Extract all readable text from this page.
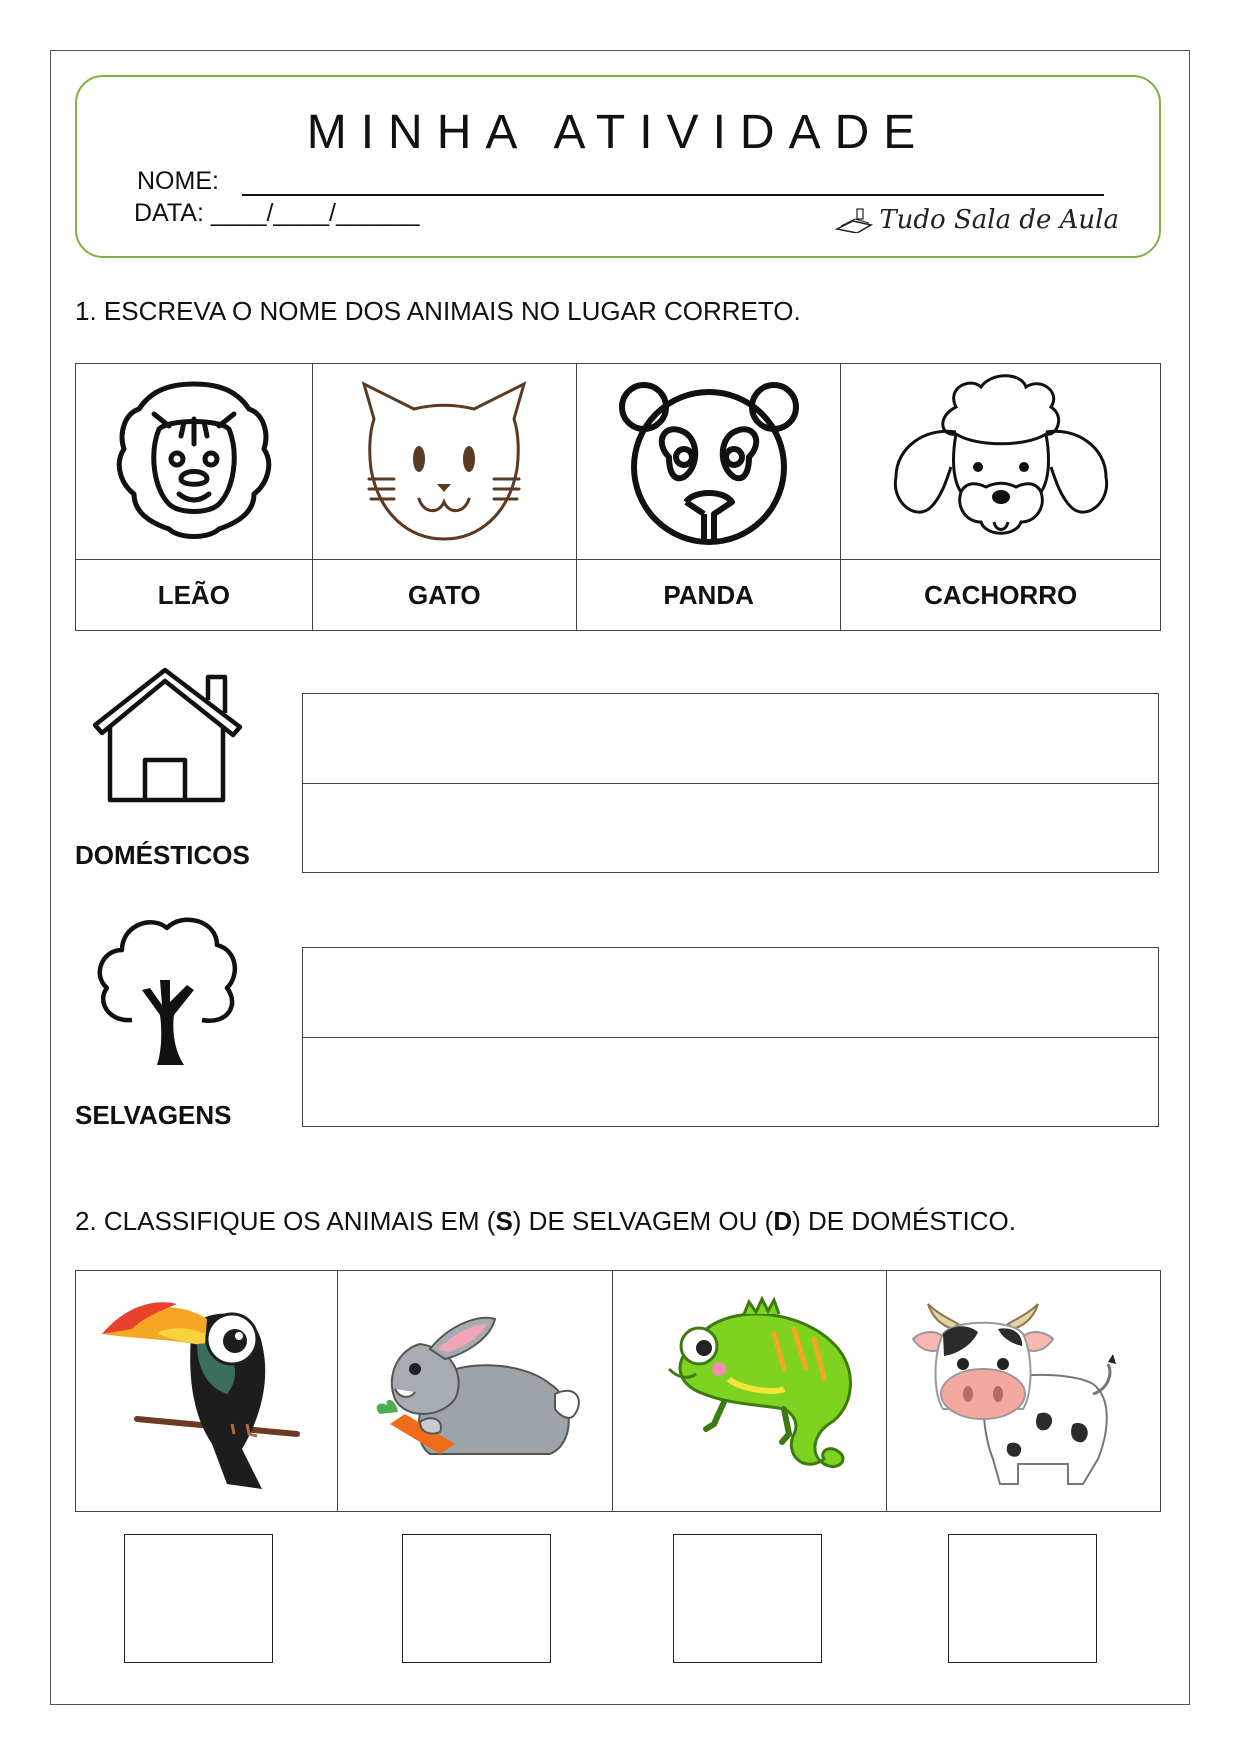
MINHA ATIVIDADE
NOME:
DATA: ____/____/______	Tudo Sala de Aula
1. ESCREVA O NOME DOS ANIMAIS NO LUGAR CORRETO.

LEÃO	GATO	PANDA	CACHORRO
DOMÉSTICOS
SELVAGENS
2. CLASSIFIQUE OS ANIMAIS EM (S) DE SELVAGEM OU (D) DE DOMÉSTICO.
